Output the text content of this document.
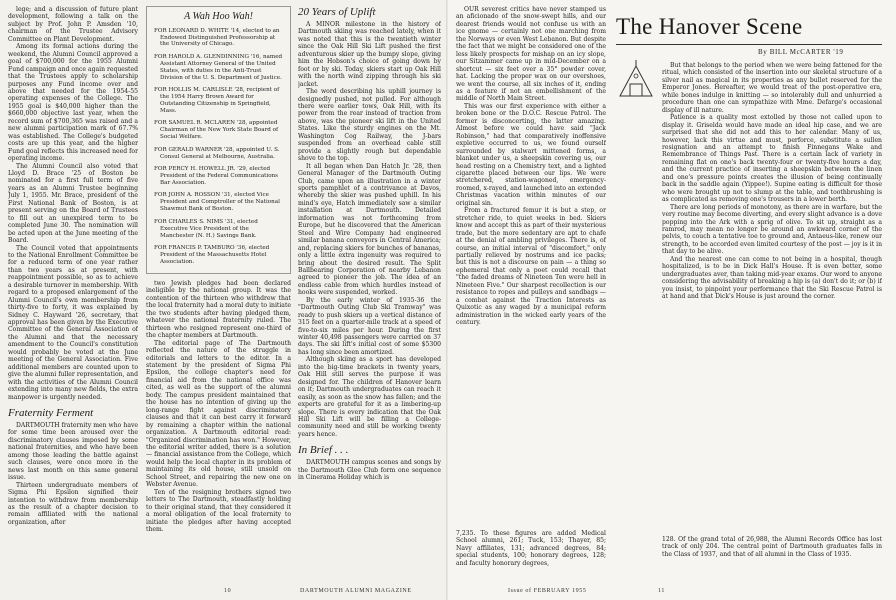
lege; and a discussion of future plant development, following a talk on the subject by Prof. John P. Amsden '10, chairman of the Trustee Advisory Committee on Plant Development.

Among its formal actions during the weekend, the Alumni Council approved a goal of $700,000 for the 1955 Alumni Fund campaign and once again requested that the Trustees apply to scholarship purposes any Fund income over and above that needed for the 1954-55 operating expenses of the College. The 1955 goal is $40,000 higher than the $660,000 objective last year, when the record sum of $700,365 was raised and a new alumni participation mark of 67.7% was established. The College's budgeted costs are up this year, and the higher Fund goal reflects this increased need for operating income.

The Alumni Council also voted that Lloyd D. Brace '25 of Boston be nominated for a first full term of five years as an Alumni Trustee beginning July 1, 1955. Mr. Brace, president of the First National Bank of Boston, is at present serving on the Board of Trustees to fill out an unexpired term to be completed June 30. The nomination will be acted upon at the June meeting of the Board.

The Council voted that appointments to the National Enrollment Committee be for a reduced term of one year rather than two years as at present, with reappointment possible, so as to achieve a desirable turnover in membership. With regard to a proposed enlargement of the Alumni Council's own membership from thirty-five to forty, it was explained by Sidney C. Hayward '26, secretary, that approval has been given by the Executive Committee of the General Association of the Alumni and that the necessary amendment to the Council's constitution would probably be voted at the June meeting of the General Association. Five additional members are counted upon to give the alumni fuller representation, and with the activities of the Alumni Council extending into many new fields, the extra manpower is urgently needed.

Fraternity Ferment

DARTMOUTH fraternity men who have for some time been aroused over the discriminatory clauses imposed by some national fraternities, and who have been among those leading the battle against such clauses, were once more in the news last month on this same general issue.

Thirteen undergraduate members of Sigma Phi Epsilon signified their intention to withdraw from membership as the result of a chapter decision to remain affiliated with the national organization, after

A Wah Hoo Wah!

FOR LEONARD D. WHITE '14, elected to an Endowed Distinguished Professorship at the University of Chicago.

FOR HAROLD A. GLENDINNING '16, named Assistant Attorney General of the United States, with duties in the Anti-Trust Division of the U. S. Department of Justice.

FOR HOLLIS M. CARLISLE '28, recipient of the 1954 Harry Brown Award for Outstanding Citizenship in Springfield, Mass.

FOR SAMUEL R. MCLAREN '28, appointed Chairman of the New York State Board of Social Welfare.

FOR GERALD WARNER '28, appointed U. S. Consul General at Melbourne, Australia.

FOR PERCY H. HOWELL JR. '29, elected President of the Federal Communications Bar Association.

FOR JOHN A. ROSSON '31, elected Vice President and Comptroller of the National Shawmut Bank of Boston.

FOR CHARLES S. NIMS '31, elected Executive Vice President of the Manchester (N. H.) Savings Bank.

FOR FRANCIS P. TAMBURO '36, elected President of the Massachusetts Hotel Association.

two Jewish pledges had been declared ineligible by the national group. It was the contention of the thirteen who withdrew that the local fraternity had a moral duty to initiate the two students after having pledged them, whatever the national fraternity ruled. The thirteen who resigned represent one-third of the chapter members at Dartmouth.

The editorial page of The Dartmouth reflected the nature of the struggle in editorials and letters to the editor. In a statement by the president of Sigma Phi Epsilon, the college chapter's need for financial aid from the national office was cited, as well as the support of the alumni body. The campus president maintained that the house has no intention of giving up the long-range fight against discriminatory clauses and that it can best carry it forward by remaining a chapter within the national organization. A Dartmouth editorial read: "Organized discrimination has won." However, the editorial writer added, there is a solution — financial assistance from the College, which would help the local chapter in its problem of maintaining its old house, still unsold on School Street, and repairing the new one on Webster Avenue.

Ten of the resigning brothers signed two letters to The Dartmouth, steadfastly holding to their original stand, that they considered it a moral obligation of the local fraternity to initiate the pledges after having accepted them.

20 Years of Uplift

A MINOR milestone in the history of Dartmouth skiing was reached lately, when it was noted that this is the twentieth winter since the Oak Hill Ski Lift pushed the first adventurous skier up the bumpy slope, giving him the Hobson's choice of going down by foot or by ski. Today, skiers start up Oak Hill with the north wind zipping through his ski jacket.

The word describing his uphill journey is designedly pushed, not pulled. For although there were earlier tows, Oak Hill, with its power from the rear instead of traction from above, was the pioneer ski lift in the United States. Like the sturdy engines on the Mt. Washington Cog Railway, the J-bars suspended from an overhead cable still provide a slightly rough but dependable shove to the top.

It all began when Dan Hatch Jr. '28, then General Manager of the Dartmouth Outing Club, came upon an illustration in a winter sports pamphlet of a contrivance at Davos, whereby the skier was pushed uphill. In his mind's eye, Hatch immediately saw a similar installation at Dartmouth. Detailed information was not forthcoming from Europe, but he discovered that the American Steel and Wire Company had engineered similar banana conveyors in Central America; and, replacing skiers for bunches of bananas, only a little extra ingenuity was required to bring about the desired result. The Split Ballbearing Corporation of nearby Lebanon agreed to pioneer the job. The idea of an endless cable from which hurdles instead of hooks were suspended, worked.

By the early winter of 1935-36 the "Dartmouth Outing Club Ski Tramway" was ready to push skiers up a vertical distance of 315 feet on a quarter-mile track at a speed of five-to-six miles per hour. During the first winter 40,498 passengers were carried on 37 days. The ski lift's initial cost of some $5300 has long since been amortized.

Although skiing as a sport has developed into the big-time brackets in twenty years, Oak Hill still serves the purpose it was designed for. The children of Hanover learn on it; Dartmouth undergraduates can reach it easily, as soon as the snow has fallen; and the experts are grateful for it as a limbering-up slope. There is every indication that the Oak Hill Ski Lift will be filling a College-community need and still be working twenty years hence.

In Brief . . .

DARTMOUTH campus scenes and songs by the Dartmouth Glee Club form one sequence in Cinerama Holiday which is

10	DARTMOUTH ALUMNI MAGAZINE

OUR severest critics have never stamped us an aficionado of the snow-swept hills, and our dearest friends would not confuse us with an ice gnome — certainly not one marching from the Norways or even West Lebanon. But despite the fact that we might be considered one of the less likely prospects for mishap on an icy slope, our Sitzammer came up in mid-December on a shortcut — six feet over a 35° powder cover, hat. Lacking the proper wax on our overshoes, we went the course, all six inches of it, ending as a feature if not an embellishment of the middle of North Main Street.

This was our first experience with either a broken bone or the D.O.C. Rescue Patrol. The former is disconcerting, the latter amazing. Almost before we could have said "Jack Robinson," had that comparatively inoffensive expletive occurred to us, we found ourself surrounded by stalwart mittened forms, a blanket under us, a sheepskin covering us, our head resting on a Chemistry text, and a lighted cigarette placed between our lips. We were stretchered, station-wagoned, emergency-roomed, x-rayed, and launched into an extended Christmas vacation within minutes of our original sin.

From a fractured femur it is but a step, or stretcher ride, to quiet weeks in bed. Skiers know and accept this as part of their mysterious trade, but the more sedentary are apt to chafe at the denial of ambling privileges. There is, of course, an initial interval of "discomfort," only partially relieved by nostrums and ice packs; but this is not a discourse on pain — a thing so ephemeral that only a poet could recall that "the faded dreams of Nineteen Ten were hell in Nineteen Five." Our sharpest recollection is our resistance to ropes and pulleys and sandbags — a combat against the Traction Interests as Quixotic as any waged by a municipal reform administration in the wicked early years of the century.

The Hanover Scene
By BILL McCARTER '19

But that belongs to the period when we were being fattened for the ritual, which consisted of the insertion into our skeletal structure of a silver nail as magical in its properties as any bullet reserved for the Emperor Jones. Hereafter, we would treat of the post-operative era, while bones indulge in knitting — so intolerably dull and unhurried a procedure than one can sympathize with Mme. Defarge's occasional display of ill nature.

Patience is a quality most extolled by those not called upon to display it. Griselda would have made an ideal hip case, and we are surprised that she did not add this to her calendar. Many of us, however, lack this virtue and must, perforce, substitute a sullen resignation and an attempt to finish Finnegans Wake and Remembrance of Things Past. There is a certain lack of variety in remaining flat on one's back twenty-four or twenty-five hours a day, and the current practice of inserting a sheepskin between the linen and one's pressure points creates the illusion of being continually back in the saddle again (Yippee!). Supine eating is difficult for those who were brought up not to slump at the table, and toothbrushing is as complicated as removing one's trousers in a lower berth.

There are long periods of monotony, as there are in warfare, but the very routine may become diverting, and every slight advance is a dove popping into the Ark with a sprig of olive. To sit up, straight as a ramrod, may mean no longer be around an awkward corner of the pelvis, to couch a tentative toe to ground and, Antaeus-like, renew our strength, to be accorded even limited courtesy of the post — joy is it in that day to be alive.

And the nearest one can come to not being in a hospital, though hospitalized, is to be in Dick Hall's House. It is even better, some undergraduates aver, than taking mid-year exams. Our word to anyone considering the advisability of breaking a hip is (a) don't do it; or (b) if you insist, to pinpoint your performance that the Ski Rescue Patrol is at hand and that Dick's House is just around the corner.

7,235. To these figures are added Medical School alumni, 261; Tuck, 153; Thayer, 85; Navy affiliates, 131; advanced degrees, 84; special students, 100; honorary degrees, 128; and faculty honorary degrees,

128. Of the grand total of 26,988, the Alumni Records Office has lost track of only 204. The central point of Dartmouth graduates falls in the Class of 1937, and that of all alumni in the Class of 1935.

Issue of FEBRUARY 1955	11
